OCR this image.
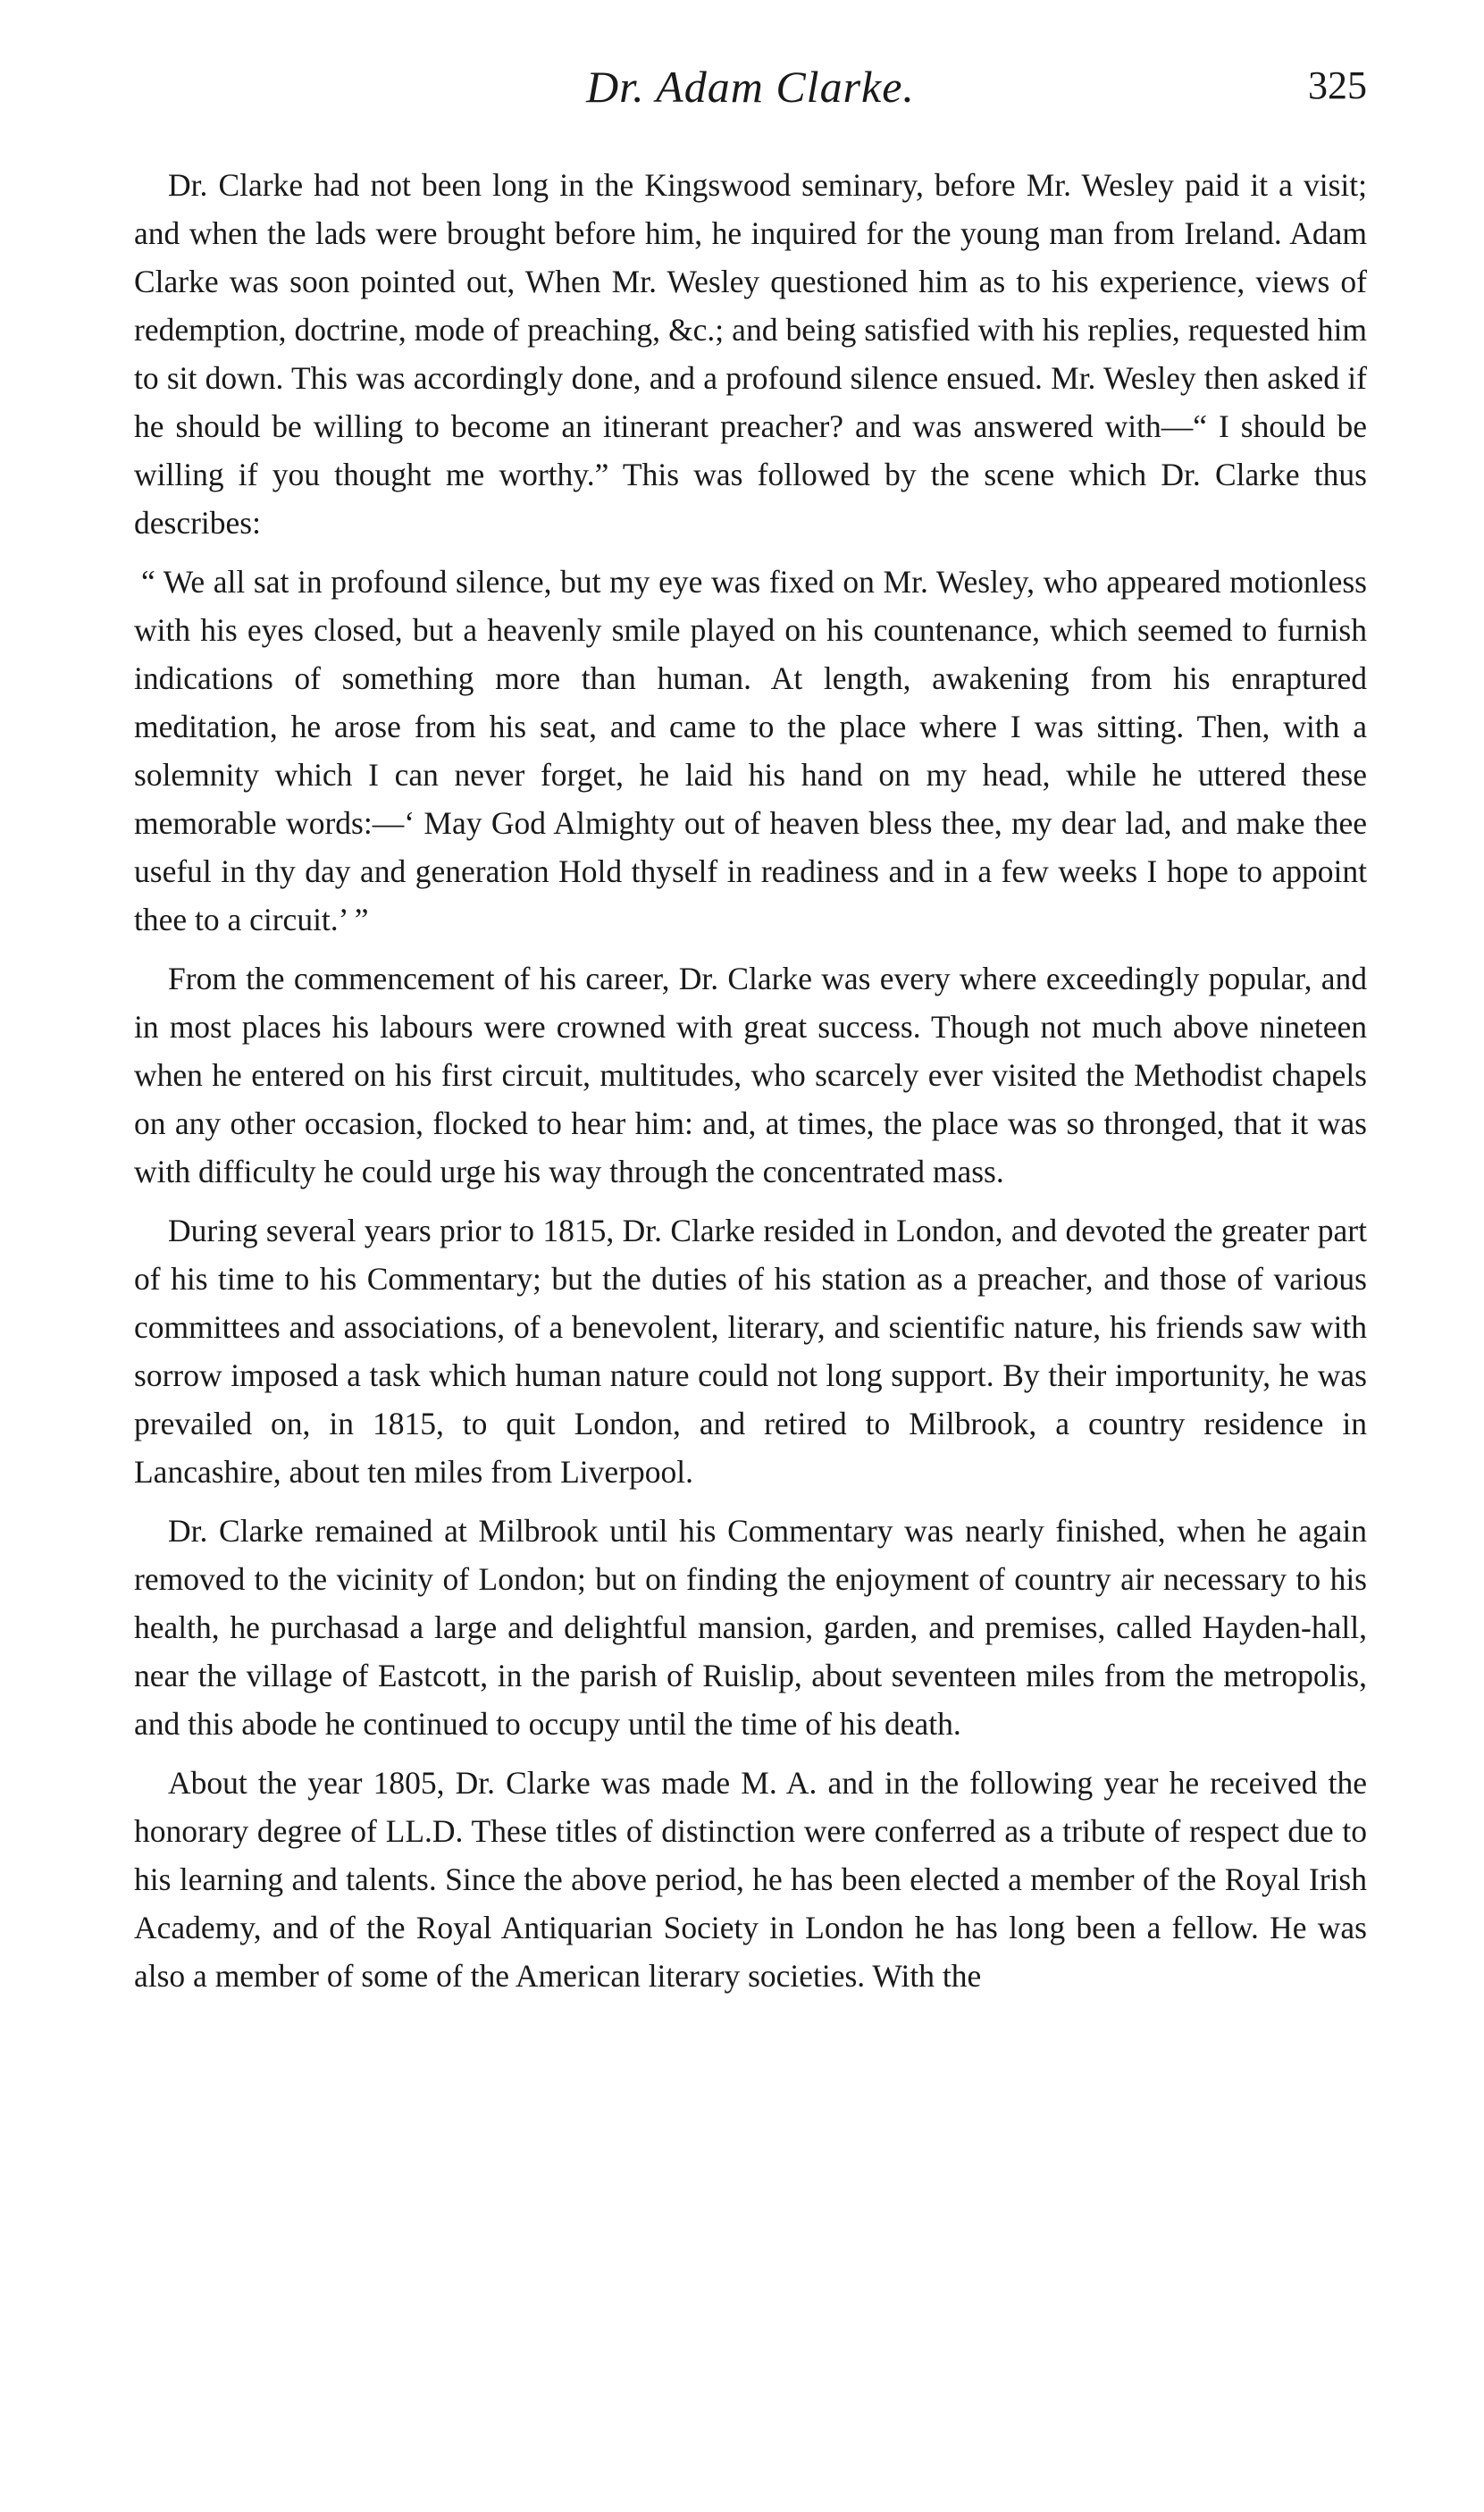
Dr. Adam Clarke.	325

Dr. Clarke had not been long in the Kingswood seminary, before Mr. Wesley paid it a visit; and when the lads were brought before him, he inquired for the young man from Ireland. Adam Clarke was soon pointed out, When Mr. Wesley questioned him as to his experience, views of redemption, doctrine, mode of preaching, &c.; and being satisfied with his replies, requested him to sit down. This was accordingly done, and a profound silence ensued. Mr. Wesley then asked if he should be willing to become an itinerant preacher? and was answered with—“ I should be willing if you thought me worthy.” This was followed by the scene which Dr. Clarke thus describes:

“ We all sat in profound silence, but my eye was fixed on Mr. Wesley, who appeared motionless with his eyes closed, but a heavenly smile played on his countenance, which seemed to furnish indications of something more than human. At length, awakening from his enraptured meditation, he arose from his seat, and came to the place where I was sitting. Then, with a solemnity which I can never forget, he laid his hand on my head, while he uttered these memorable words:—‘ May God Almighty out of heaven bless thee, my dear lad, and make thee useful in thy day and generation Hold thyself in readiness and in a few weeks I hope to appoint thee to a circuit.’ ”

From the commencement of his career, Dr. Clarke was every where exceedingly popular, and in most places his labours were crowned with great success. Though not much above nineteen when he entered on his first circuit, multitudes, who scarcely ever visited the Methodist chapels on any other occasion, flocked to hear him: and, at times, the place was so thronged, that it was with difficulty he could urge his way through the concentrated mass.

During several years prior to 1815, Dr. Clarke resided in London, and devoted the greater part of his time to his Commentary; but the duties of his station as a preacher, and those of various committees and associations, of a benevolent, literary, and scientific nature, his friends saw with sorrow imposed a task which human nature could not long support. By their importunity, he was prevailed on, in 1815, to quit London, and retired to Milbrook, a country residence in Lancashire, about ten miles from Liverpool.

Dr. Clarke remained at Milbrook until his Commentary was nearly finished, when he again removed to the vicinity of London; but on finding the enjoyment of country air necessary to his health, he purchasad a large and delightful mansion, garden, and premises, called Hayden-hall, near the village of Eastcott, in the parish of Ruislip, about seventeen miles from the metropolis, and this abode he continued to occupy until the time of his death.

About the year 1805, Dr. Clarke was made M. A. and in the following year he received the honorary degree of LL.D. These titles of distinction were conferred as a tribute of respect due to his learning and talents. Since the above period, he has been elected a member of the Royal Irish Academy, and of the Royal Antiquarian Society in London he has long been a fellow. He was also a member of some of the American literary societies. With the
